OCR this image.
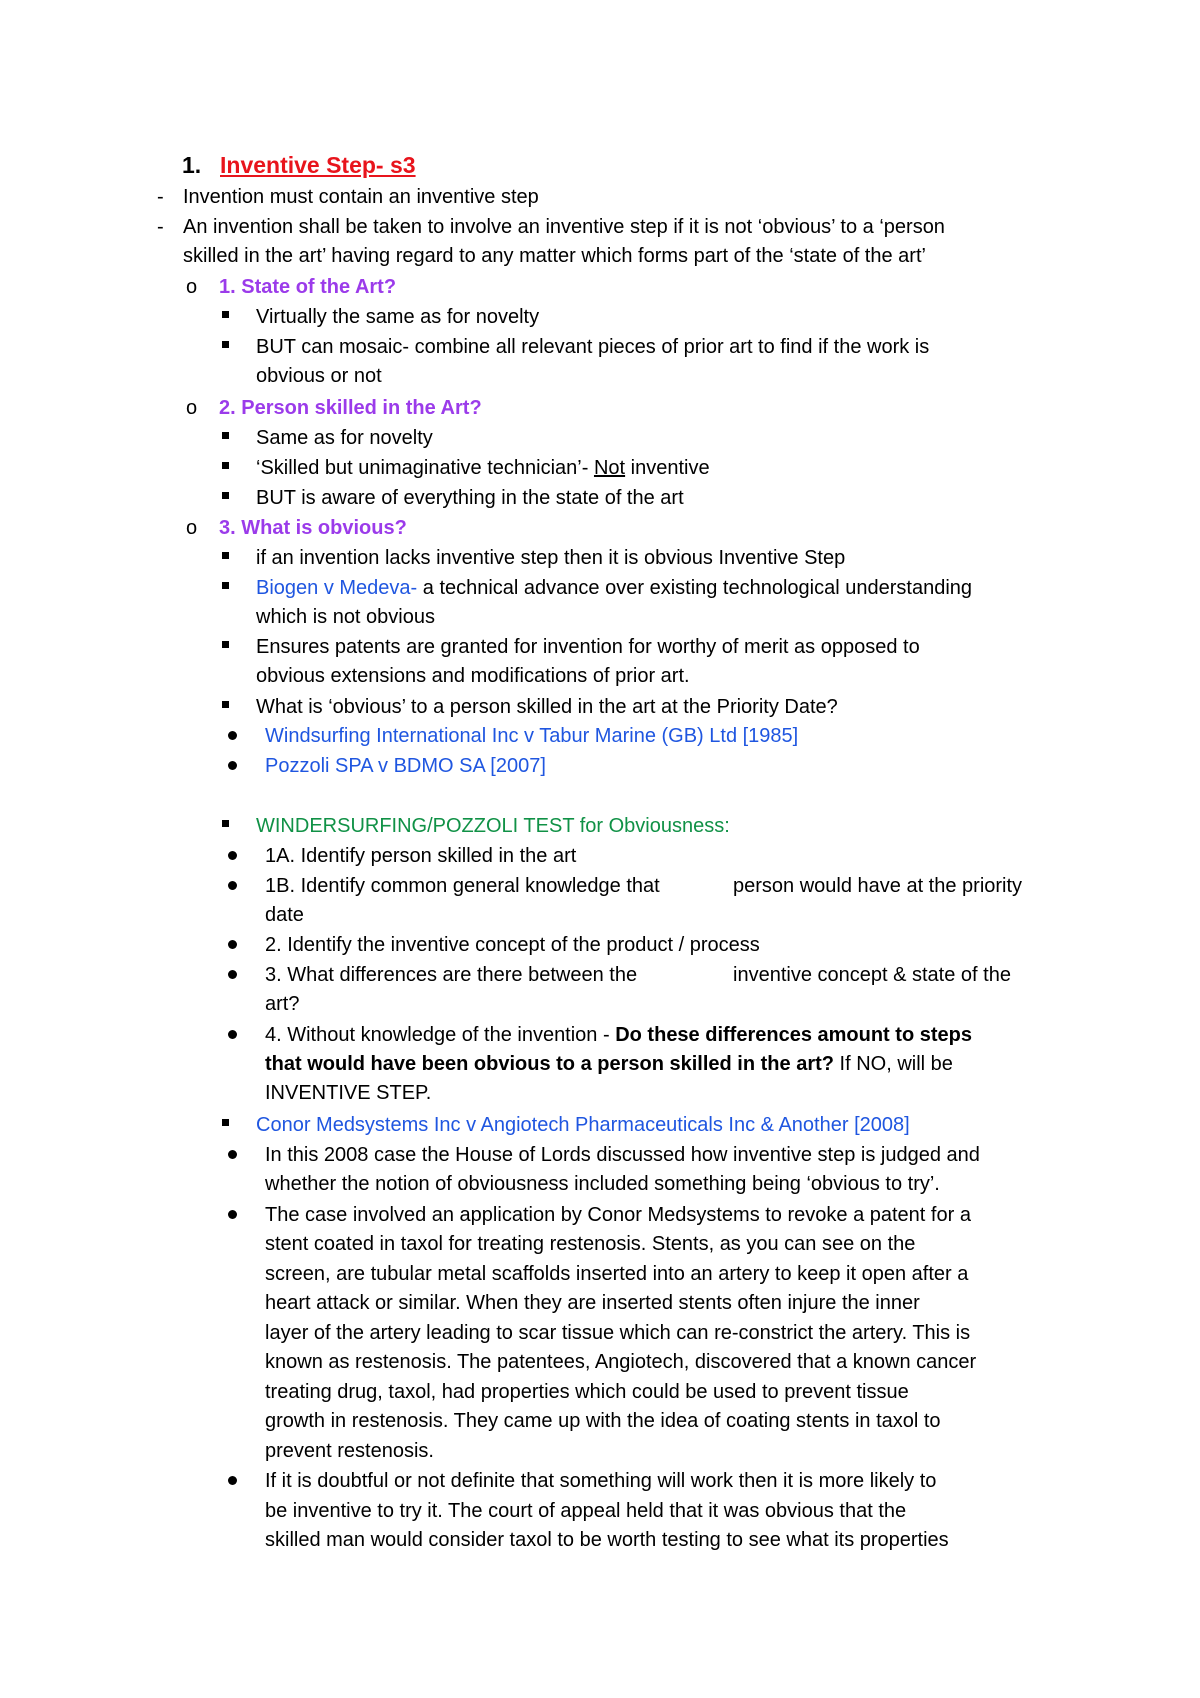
1. Inventive Step- s3
- Invention must contain an inventive step
- An invention shall be taken to involve an inventive step if it is not ‘obvious’ to a ‘person
skilled in the art’ having regard to any matter which forms part of the ‘state of the art’
o 1. State of the Art?
Virtually the same as for novelty
BUT can mosaic- combine all relevant pieces of prior art to find if the work is
obvious or not
o 2. Person skilled in the Art?
Same as for novelty
‘Skilled but unimaginative technician’- Not inventive
BUT is aware of everything in the state of the art
o 3. What is obvious?
if an invention lacks inventive step then it is obvious Inventive Step
Biogen v Medeva- a technical advance over existing technological understanding
which is not obvious
Ensures patents are granted for invention for worthy of merit as opposed to
obvious extensions and modifications of prior art.
What is ‘obvious’ to a person skilled in the art at the Priority Date?
Windsurfing International Inc v Tabur Marine (GB) Ltd [1985]
Pozzoli SPA v BDMO SA [2007]
WINDERSURFING/POZZOLI TEST for Obviousness:
1A. Identify person skilled in the art
1B. Identify common general knowledge that	person would have at the priority
date
2. Identify the inventive concept of the product / process
3. What differences are there between the	inventive concept & state of the
art?
4. Without knowledge of the invention - Do these differences amount to steps
that would have been obvious to a person skilled in the art? If NO, will be
INVENTIVE STEP.
Conor Medsystems Inc v Angiotech Pharmaceuticals Inc & Another [2008]
In this 2008 case the House of Lords discussed how inventive step is judged and
whether the notion of obviousness included something being ‘obvious to try’.
The case involved an application by Conor Medsystems to revoke a patent for a
stent coated in taxol for treating restenosis. Stents, as you can see on the
screen, are tubular metal scaffolds inserted into an artery to keep it open after a
heart attack or similar. When they are inserted stents often injure the inner
layer of the artery leading to scar tissue which can re-constrict the artery. This is
known as restenosis. The patentees, Angiotech, discovered that a known cancer
treating drug, taxol, had properties which could be used to prevent tissue
growth in restenosis. They came up with the idea of coating stents in taxol to
prevent restenosis.
If it is doubtful or not definite that something will work then it is more likely to
be inventive to try it. The court of appeal held that it was obvious that the
skilled man would consider taxol to be worth testing to see what its properties
